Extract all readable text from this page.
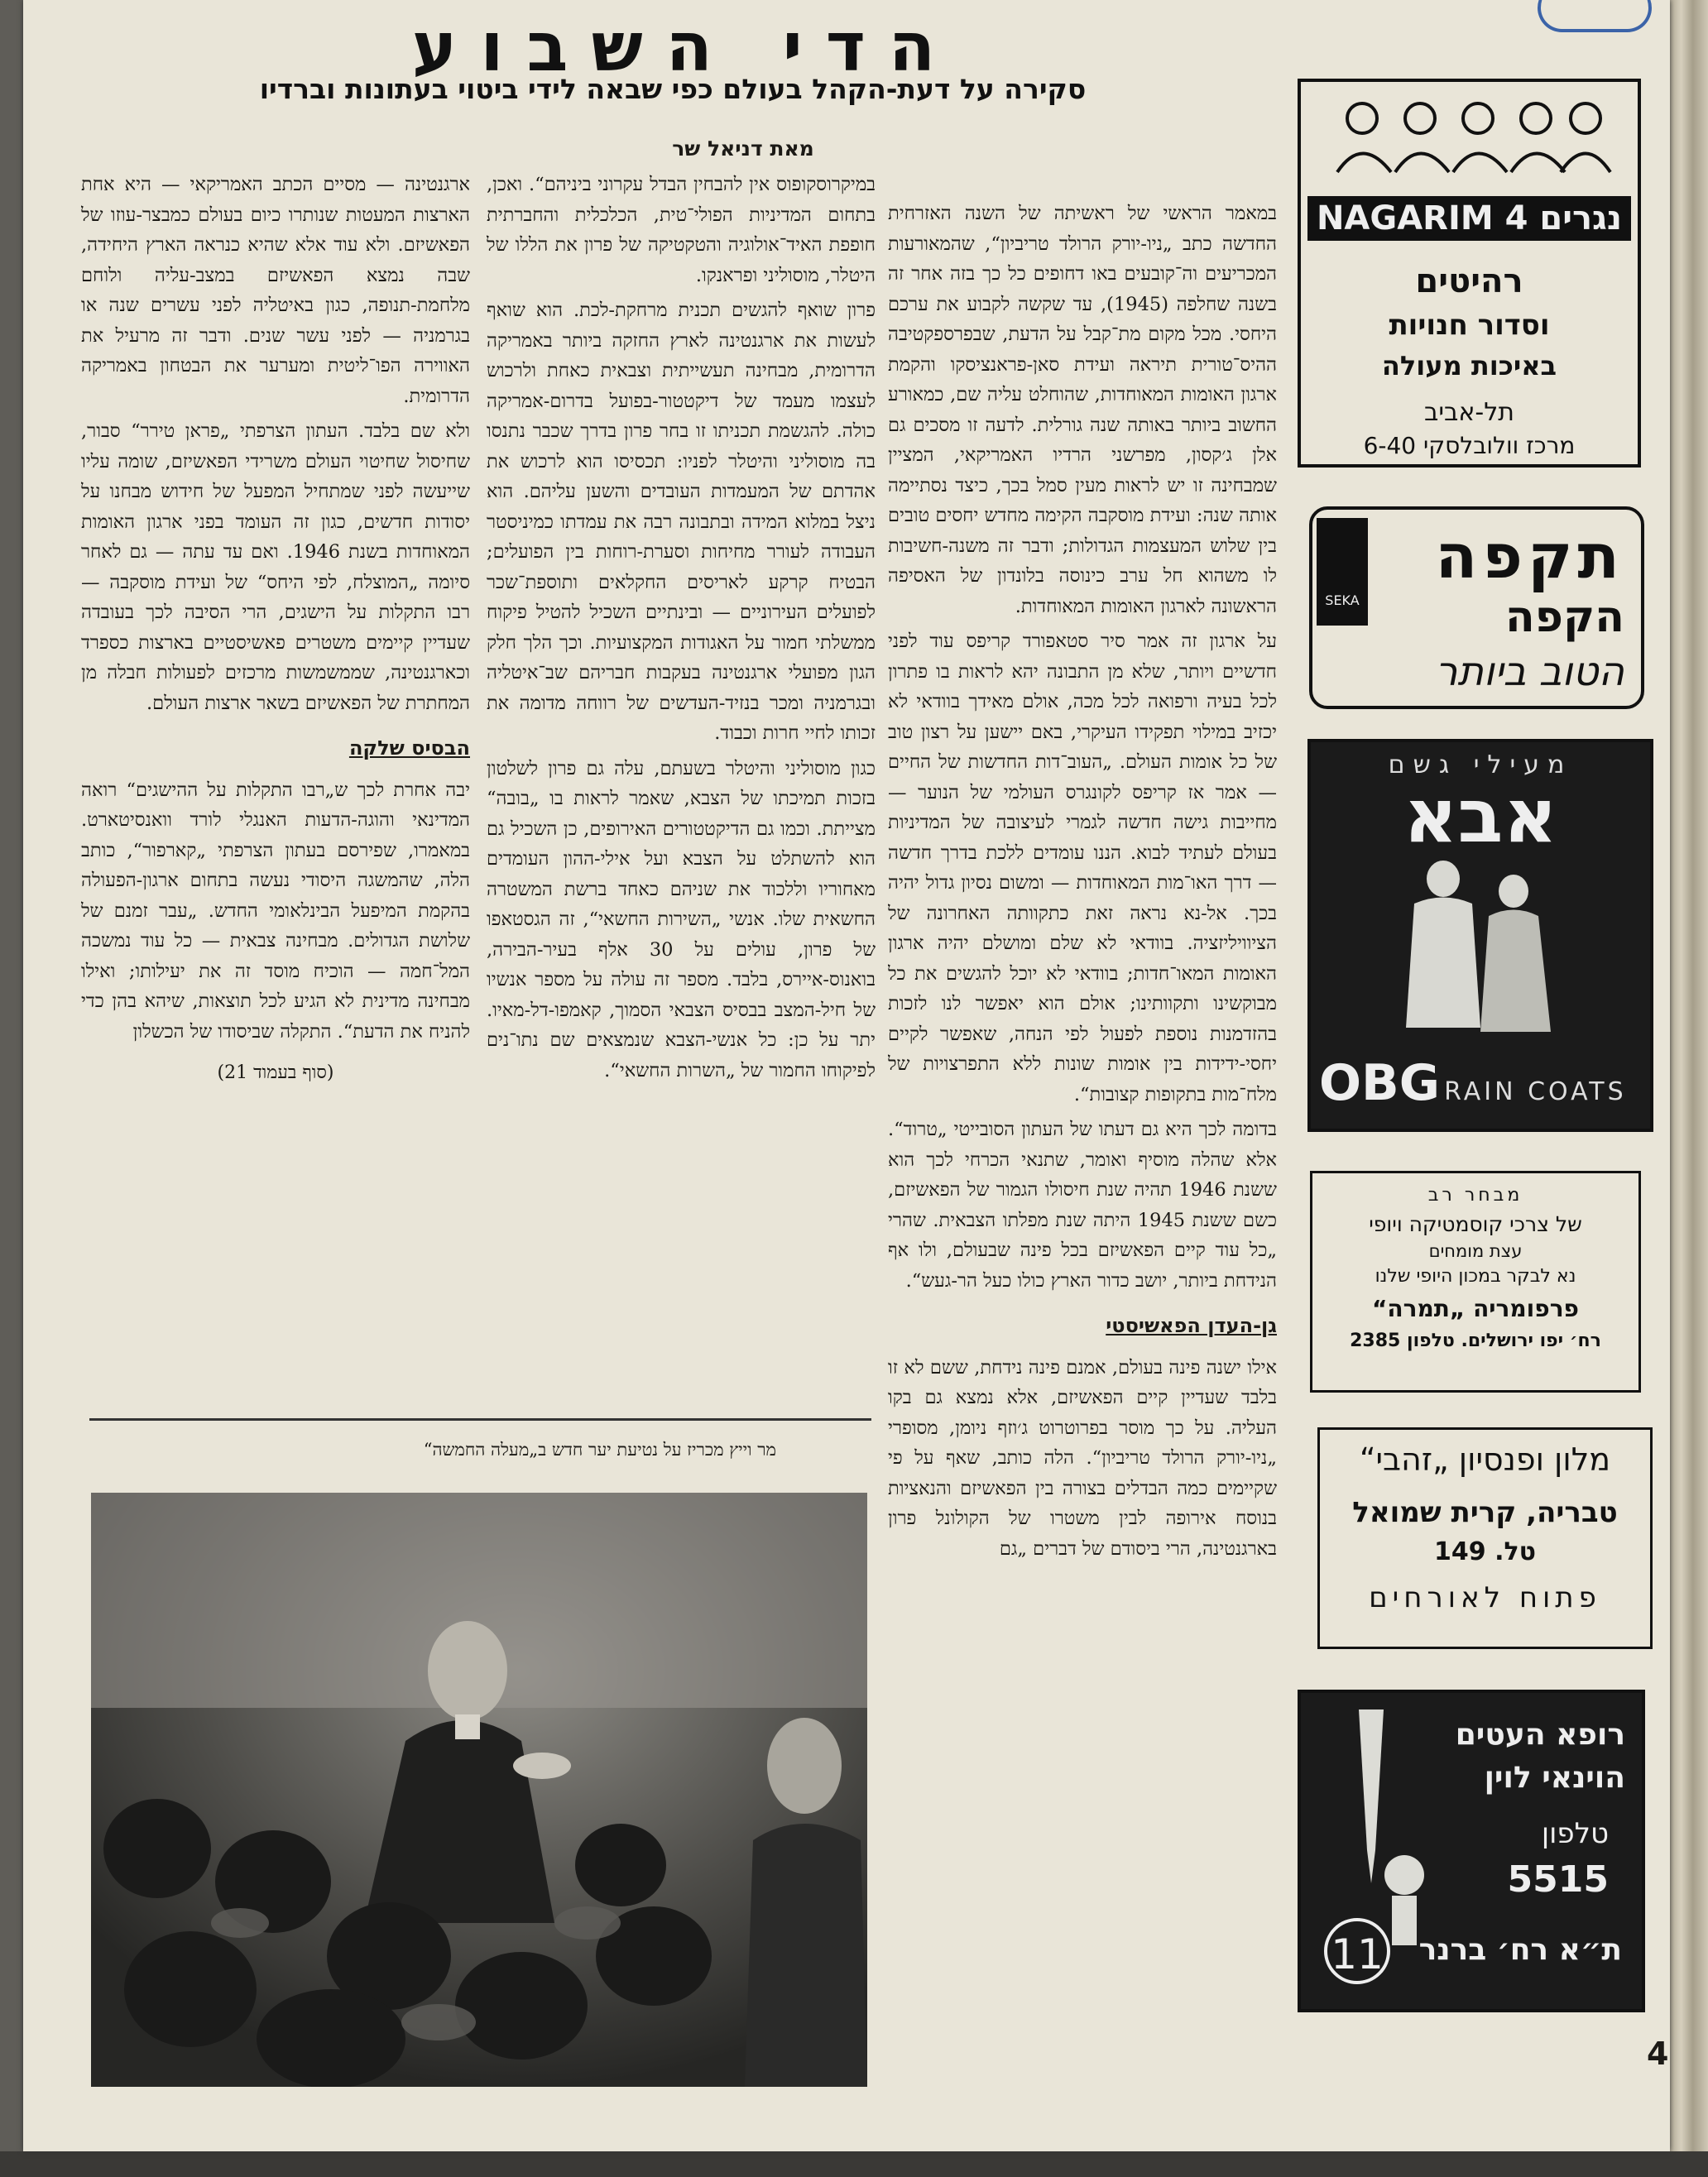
הדי השבוע
סקירה על דעת-הקהל בעולם כפי שבאה לידי ביטוי בעתונות וברדיו
מאת דניאל שר

במאמר הראשי של ראשיתה של השנה האזרחית החדשה כתב „ניו-יורק הרולד טריביון“, שהמאורעות המכריעים וה־קובעים באו דחופים כל כך בזה אחר זה בשנה שחלפה (1945), עד שקשה לקבוע את ערכם היחסי. מכל מקום מת־קבל על הדעת, שבפרספקטיבה ההיס־טורית תיראה ועידת סאן-פראנציסקו והקמת ארגון האומות המאוחדות, שהוחלט עליה שם, כמאורע החשוב ביותר באותה שנה גורלית. לדעה זו מסכים גם אלן ג׳קסון, מפרשני הרדיו האמריקאי, המציין שמבחינה זו יש לראות מעין סמל בכך, כיצד נסתיימה אותה שנה: ועידת מוסקבה הקימה מחדש יחסים טובים בין שלוש המעצמות הגדולות; ודבר זה משנה-חשיבות לו משהוא חל ערב כינוסה בלונדון של האסיפה הראשונה לארגון האומות המאוחדות.

על ארגון זה אמר סיר סטאפורד קריפס עוד לפני חדשיים ויותר, שלא מן התבונה יהא לראות בו פתרון לכל בעיה ורפואה לכל מכה, אולם מאידך בוודאי לא יכזיב במילוי תפקידו העיקרי, באם יישען על רצון טוב של כל אומות העולם. „העוב־דות החדשות של החיים — אמר אז קריפס לקונגרס העולמי של הנוער — מחייבות גישה חדשה לגמרי לעיצובה של המדיניות בעולם לעתיד לבוא. הננו עומדים ללכת בדרך חדשה — דרך האו־מות המאוחדות — ומשום נסיון גדול יהיה בכך. אל-נא נראה זאת כתקוותה האחרונה של הציוויליזציה. בוודאי לא שלם ומושלם יהיה ארגון האומות המאו־חדות; בוודאי לא יוכל להגשים את כל מבוקשינו ותקוותינו; אולם הוא יאפשר לנו לזכות בהזדמנות נוספת לפעול לפי הנחה, שאפשר לקיים יחסי-ידידות בין אומות שונות ללא התפרצויות של מלח־מות בתקופות קצובות“.

בדומה לכך היא גם דעתו של העתון הסובייטי „טרוד“. אלא שהלה מוסיף ואומר, שתנאי הכרחי לכך הוא ששנת 1946 תהיה שנת חיסולו הגמור של הפאשיזם, כשם ששנת 1945 היתה שנת מפלתו הצבאית. שהרי „כל עוד קיים הפאשיזם בכל פינה שבעולם, ולו אף הנידחת ביותר, יושב כדור הארץ כולו כעל הר-געש“.

גן-העדן הפאשיסטי

אילו ישנה פינה בעולם, אמנם פינה נידחת, ששם לא זו בלבד שעדיין קיים הפאשיזם, אלא נמצא גם בקו העליה. על כך מוסר בפרוטרוט ג׳וזף ניומן, מסופרי „ניו-יורק הרולד טריביון“. הלה כותב, שאף על פי שקיימים כמה הבדלים בצורה בין הפאשיזם והנאציות בנוסח אירופה לבין משטרו של הקולונל פרון בארגנטינה, הרי ביסודם של דברים „גם

במיקרוסקופוס אין להבחין הבדל עקרוני ביניהם“. ואכן, בתחום המדיניות הפולי־טית, הכלכלית והחברתית חופפת האיד־אולוגיה והטקטיקה של פרון את הללו של היטלר, מוסוליני ופראנקו.

פרון שואף להגשים תכנית מרחקת-לכת. הוא שואף לעשות את ארגנטינה לארץ החזקה ביותר באמריקה הדרומית, מבחינה תעשייתית וצבאית כאחת ולרכוש לעצמו מעמד של דיקטטור-בפועל בדרום-אמריקה כולה. להגשמת תכניתו זו בחר פרון בדרך שכבר נתנסו בה מוסוליני והיטלר לפניו: תכסיסו הוא לרכוש את אהדתם של המעמדות העובדים והשען עליהם. הוא ניצל במלוא המידה ובתבונה רבה את עמדתו כמיניסטר העבודה לעורר מחיחות וסערת-רוחות בין הפועלים; הבטיח קרקע לאריסים החקלאים ותוספת־שכר לפועלים העירוניים — ובינתיים השכיל להטיל פיקוח ממשלתי חמור על האגודות המקצועיות. וכך הלך חלק הגון מפועלי ארגנטינה בעקבות חבריהם שב־איטליה ובגרמניה ומכר בנזיד-העדשים של רווחה מדומה את זכותו לחיי חרות וכבוד.

כגון מוסוליני והיטלר בשעתם, עלה גם פרון לשלטון בזכות תמיכתו של הצבא, שאמר לראות בו „בובה“ מצייתת. וכמו גם הדיקטטורים האירופים, כן השכיל גם הוא להשתלט על הצבא ועל אילי-ההון העומדים מאחוריו וללכוד את שניהם כאחד ברשת המשטרה החשאית שלו. אנשי „השירות החשאי“, זה הגסטאפו של פרון, עולים על 30 אלף בעיר-הבירה, בואנוס-איירס, בלבד. מספר זה עולה על מספר אנשיו של חיל-המצב בבסיס הצבאי הסמוך, קאמפו-דל-מאיו. יתר על כן: כל אנשי-הצבא שנמצאים שם נתו־נים לפיקוחו החמור של „השרות החשאי“.

ארגנטינה — מסיים הכתב האמריקאי — היא אחת הארצות המעטות שנותרו כיום בעולם כמבצר-עוזו של הפאשיזם. ולא עוד אלא שהיא כנראה הארץ היחידה, שבה נמצא הפאשיזם במצב-עליה ולוחם מלחמת-תנופה, כגון באיטליה לפני עשרים שנה או בגרמניה — לפני עשר שנים. ודבר זה מרעיל את האווירה הפו־ליטית ומערער את הבטחון באמריקה הדרומית.

ולא שם בלבד. העתון הצרפתי „פראן טירר“ סבור, שחיסול שחיטוי העולם משרידי הפאשיזם, שומה עליו שייעשה לפני שמתחיל המפעל של חידוש מבחנו על יסודות חדשים, כגון זה העומד בפני ארגון האומות המאוחדות בשנת 1946. ואם עד עתה — גם לאחר סיומה „המוצלח, לפי היחס“ של ועידת מוסקבה — רבו התקלות על הישגים, הרי הסיבה לכך בעובדה שעדיין קיימים משטרים פאשיסטיים בארצות כספרד וכארגנטינה, שממשמשות מרכזים לפעולות חבלה מן המחתרת של הפאשיזם בשאר ארצות העולם.

הבסיס שלקה

יבה אחרת לכך ש„רבו התקלות על ההישגים“ רואה המדינאי והוגה-הדעות האנגלי לורד וואנסיטארט. במאמרו, שפירסם בעתון הצרפתי „קארפור“, כותב הלה, שהמשגה היסודי נעשה בתחום ארגון-הפעולה בהקמת המיפעל הבינלאומי החדש. „עבר זמנם של שלושת הגדולים. מבחינה צבאית — כל עוד נמשכה המל־חמה — הוכיח מוסד זה את יעילותו; ואילו מבחינה מדינית לא הגיע לכל תוצאות, שיהא בהן כדי להניח את הדעת“. התקלה שביסודו של הכשלון

(סוף בעמוד 21)
מר וייץ מכריז על נטיעת יער חדש ב„מעלה החמשה“
NAGARIM 4 נגרים
רהיטים
וסדור חנויות
באיכות מעולה
תל-אביב
מרכז וולובלסקי 6-40
SEKA
תקפה
הקפה
הטוב ביותר
מעילי גשם
אבא
OBG RAIN COATS
מבחר רב
של צרכי קוסמטיקה ויופי
עצת מומחים
נא לבקר במכון היופי שלנו
פרפומריה „תמרה“
רח׳ יפו ירושלים. טלפון 2385
מלון ופנסיון „זהבי“
טבריה, קרית שמואל
טל. 149
פתוח לאורחים
רופא העטים
הוינאי לוין
טלפון
5515
11 ת״א רח׳ ברנר
4
